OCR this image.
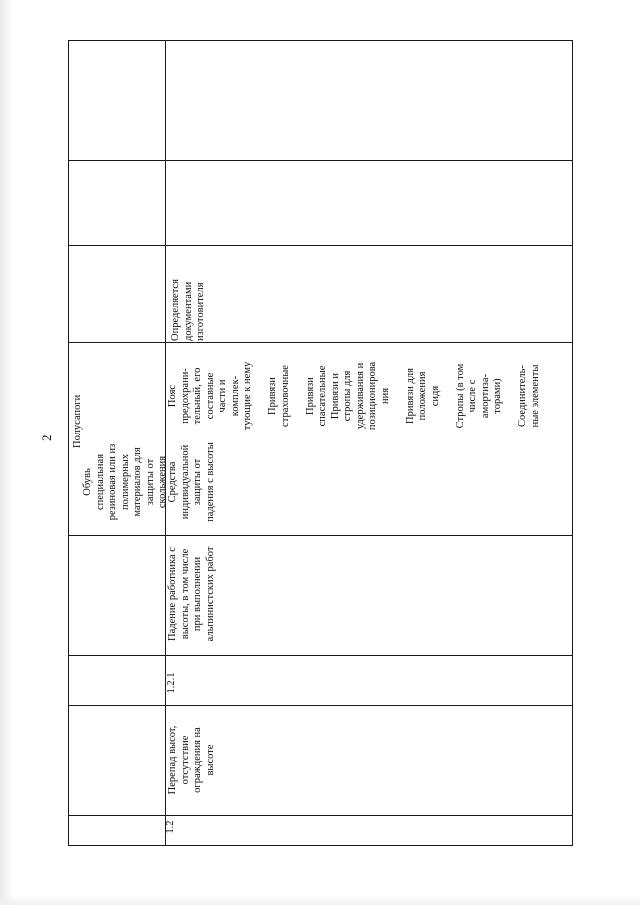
2
Обувь
специальная
резиновая или из
полимерных
материалов для
защиты от
скольжения
Полусапоги
1.2
Перепад высот,
отсутствие
ограждения на
высоте
1.2.1
Падение работника с
высоты, в том числе
при выполнении
альпинистских работ
Средства
индивидуальной
защиты от
падения с высоты
Пояс
предохрани-
тельный, его
составные
части и
комплек-
тующие к нему

Привязи
страховочные

Привязи
спасательные
Привязи и
стропы для
удерживания и
позиционирова
ния

Привязи для
положения
сидя

Стропы (в том
числе с
амортиза-
торами)

Соединитель-
ные элементы
Определяется
документами
изготовителя
